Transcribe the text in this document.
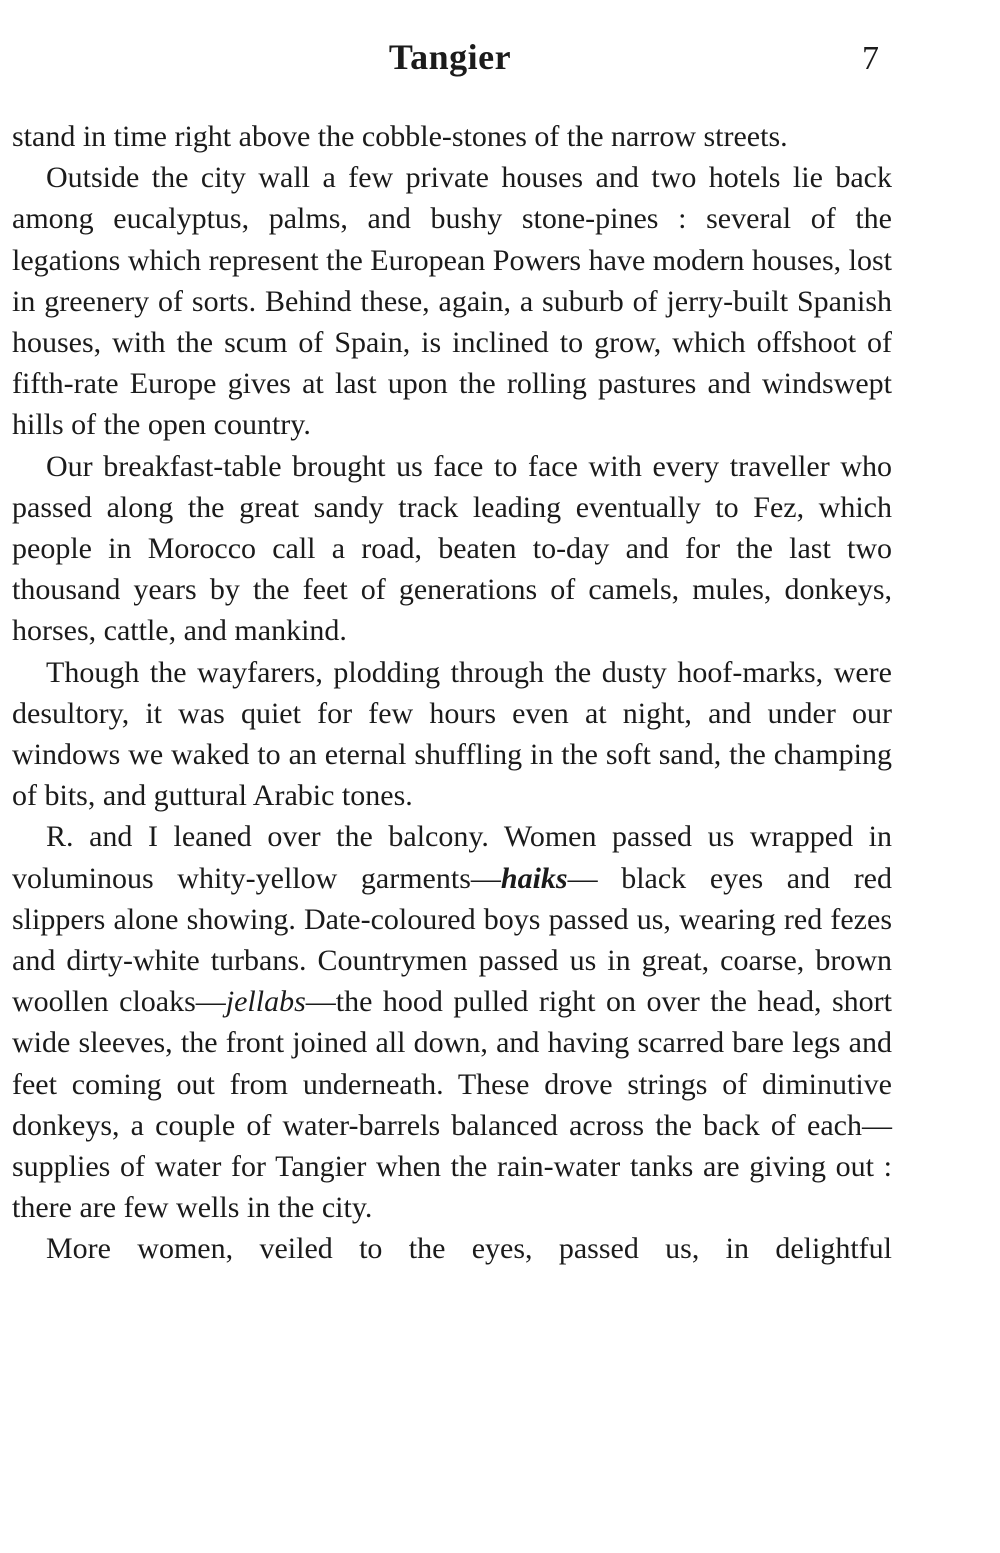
Tangier	7

stand in time right above the cobble-stones of the narrow streets.

Outside the city wall a few private houses and two hotels lie back among eucalyptus, palms, and bushy stone-pines : several of the legations which represent the European Powers have modern houses, lost in greenery of sorts. Behind these, again, a suburb of jerry-built Spanish houses, with the scum of Spain, is inclined to grow, which offshoot of fifth-rate Europe gives at last upon the rolling pastures and windswept hills of the open country.

Our breakfast-table brought us face to face with every traveller who passed along the great sandy track leading eventually to Fez, which people in Morocco call a road, beaten to-day and for the last two thousand years by the feet of generations of camels, mules, donkeys, horses, cattle, and mankind.

Though the wayfarers, plodding through the dusty hoof-marks, were desultory, it was quiet for few hours even at night, and under our windows we waked to an eternal shuffling in the soft sand, the champing of bits, and guttural Arabic tones.

R. and I leaned over the balcony. Women passed us wrapped in voluminous whity-yellow garments—haiks— black eyes and red slippers alone showing. Date-coloured boys passed us, wearing red fezes and dirty-white turbans. Countrymen passed us in great, coarse, brown woollen cloaks—jellabs—the hood pulled right on over the head, short wide sleeves, the front joined all down, and having scarred bare legs and feet coming out from underneath. These drove strings of diminutive donkeys, a couple of water-barrels balanced across the back of each—supplies of water for Tangier when the rain-water tanks are giving out : there are few wells in the city.

More women, veiled to the eyes, passed us, in delightful
